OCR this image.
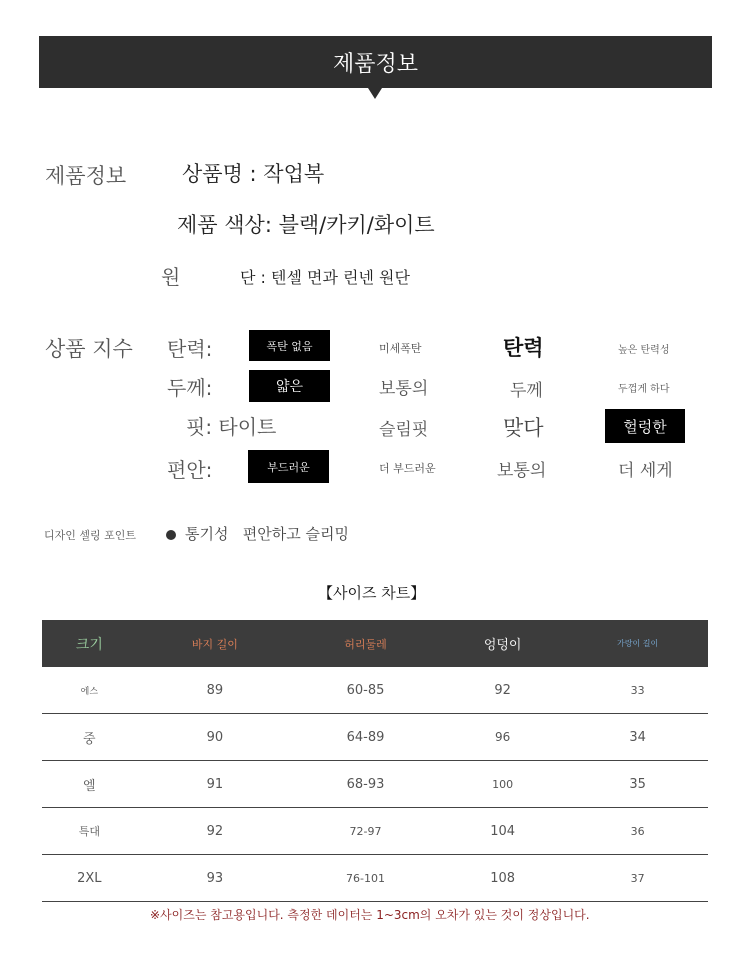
제품정보
제품정보	상품명 : 작업복
제품 색상: 블랙/카키/화이트
원	단 : 텐셀 면과 린넨 원단
상품 지수 탄력:	폭탄 없음	미세폭탄	탄력	높은 탄력성
두께:	얇은	보통의	두께	두껍게 하다
핏: 타이트	슬림핏	맞다	헐렁한
편안:	부드러운	더 부드러운	보통의	더 세게
디자인 셀링 포인트	통기성   편안하고 슬리밍
【사이즈 차트】
크기	바지 길이	허리둘레	엉덩이	가랑이 길이
에스	89	60-85	92	33
중	90	64-89	96	34
엘	91	68-93	100	35
특대	92	72-97	104	36
2XL	93	76-101	108	37
※사이즈는 참고용입니다. 측정한 데이터는 1~3cm의 오차가 있는 것이 정상입니다.
